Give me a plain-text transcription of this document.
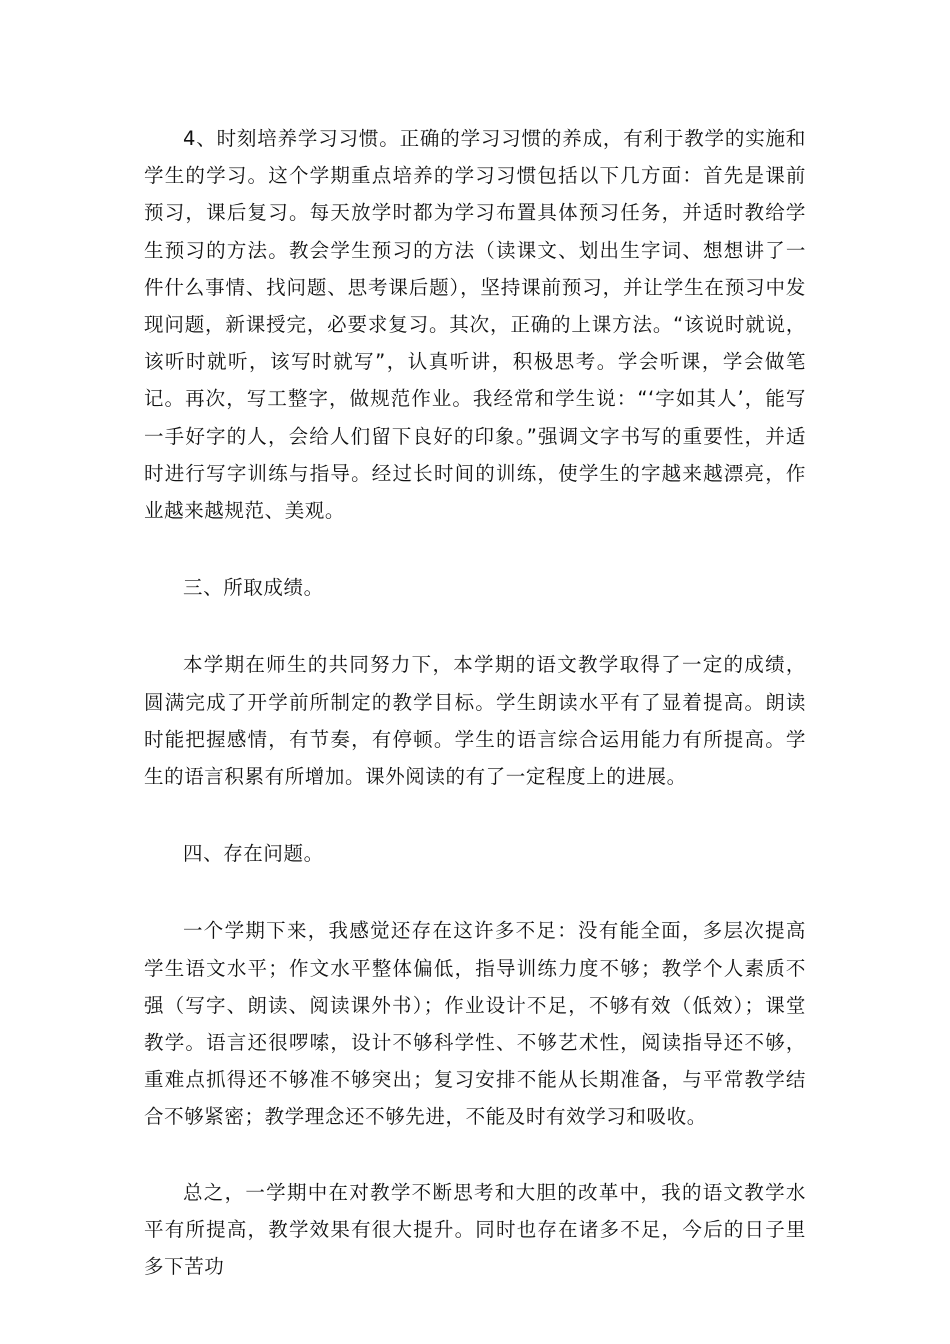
4、时刻培养学习习惯。正确的学习习惯的养成，有利于教学的实施和学生的学习。这个学期重点培养的学习习惯包括以下几方面：首先是课前预习，课后复习。每天放学时都为学习布置具体预习任务，并适时教给学生预习的方法。教会学生预习的方法（读课文、划出生字词、想想讲了一件什么事情、找问题、思考课后题），坚持课前预习，并让学生在预习中发现问题，新课授完，必要求复习。其次，正确的上课方法。“该说时就说，该听时就听，该写时就写”，认真听讲，积极思考。学会听课，学会做笔记。再次，写工整字，做规范作业。我经常和学生说：“‘字如其人’，能写一手好字的人，会给人们留下良好的印象。”强调文字书写的重要性，并适时进行写字训练与指导。经过长时间的训练，使学生的字越来越漂亮，作业越来越规范、美观。

三、所取成绩。

本学期在师生的共同努力下，本学期的语文教学取得了一定的成绩，圆满完成了开学前所制定的教学目标。学生朗读水平有了显着提高。朗读时能把握感情，有节奏，有停顿。学生的语言综合运用能力有所提高。学生的语言积累有所增加。课外阅读的有了一定程度上的进展。

四、存在问题。

一个学期下来，我感觉还存在这许多不足：没有能全面，多层次提高学生语文水平；作文水平整体偏低，指导训练力度不够；教学个人素质不强（写字、朗读、阅读课外书）；作业设计不足，不够有效（低效）；课堂教学。语言还很啰嗦，设计不够科学性、不够艺术性，阅读指导还不够，重难点抓得还不够准不够突出；复习安排不能从长期准备，与平常教学结合不够紧密；教学理念还不够先进，不能及时有效学习和吸收。

总之，一学期中在对教学不断思考和大胆的改革中，我的语文教学水平有所提高，教学效果有很大提升。同时也存在诸多不足，今后的日子里多下苦功
